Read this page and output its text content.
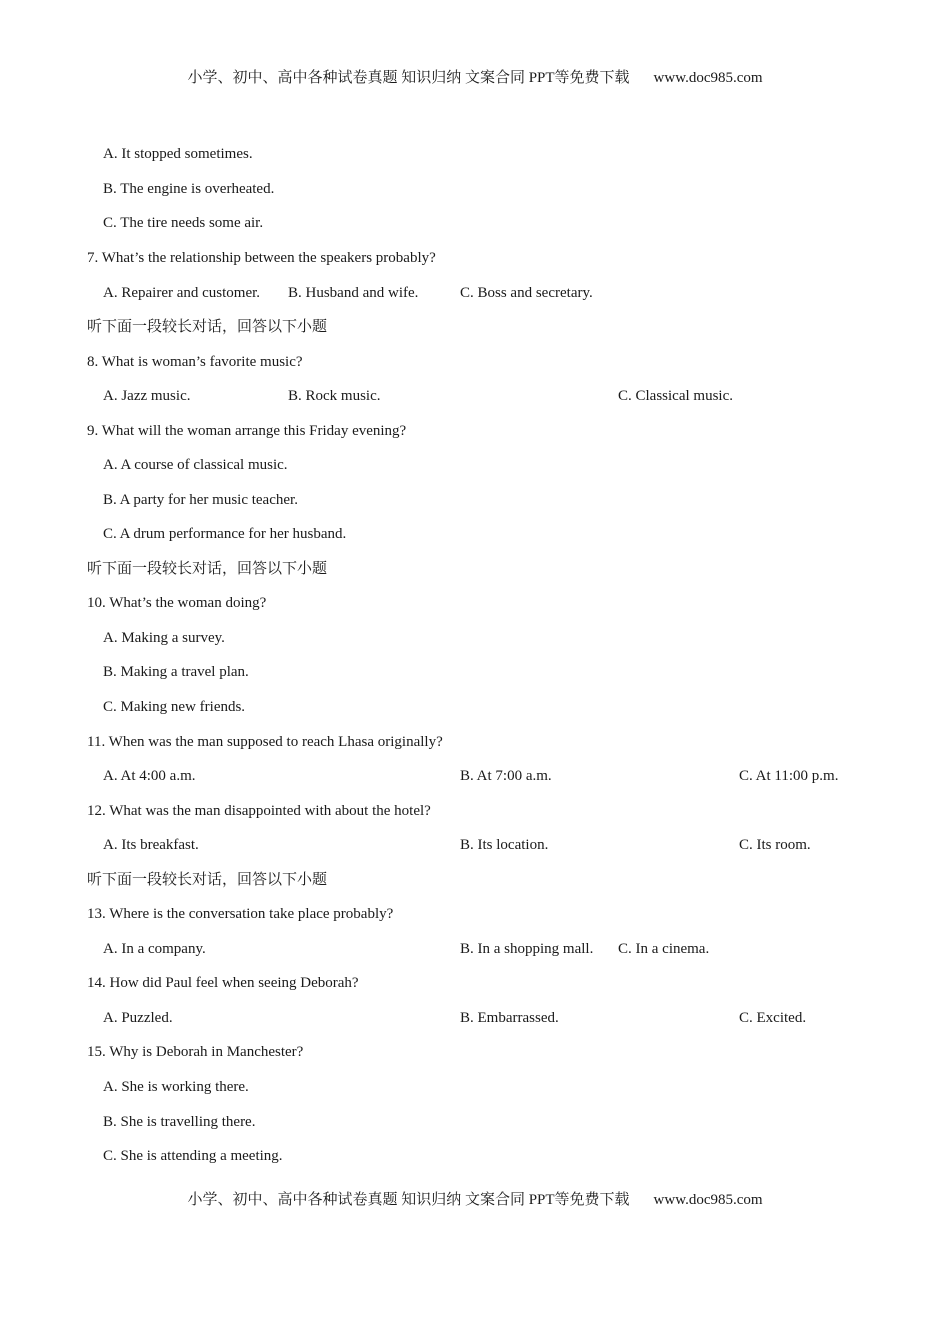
小学、初中、高中各种试卷真题 知识归纳 文案合同 PPT等免费下载 www.doc985.com
A. It stopped sometimes.
B. The engine is overheated.
C. The tire needs some air.
7. What’s the relationship between the speakers probably?
A. Repairer and customer. B. Husband and wife.	C. Boss and secretary.
听下面一段较长对话，回答以下小题
8. What is woman’s favorite music?
A. Jazz music.	B. Rock music.	C. Classical music.
9. What will the woman arrange this Friday evening?
A. A course of classical music.
B. A party for her music teacher.
C. A drum performance for her husband.
听下面一段较长对话，回答以下小题
10. What’s the woman doing?
A. Making a survey.
B. Making a travel plan.
C. Making new friends.
11. When was the man supposed to reach Lhasa originally?
A. At 4:00 a.m.	B. At 7:00 a.m.	C. At 11:00 p.m.
12. What was the man disappointed with about the hotel?
A. Its breakfast.	B. Its location.	C. Its room.
听下面一段较长对话，回答以下小题
13. Where is the conversation take place probably?
A. In a company.	B. In a shopping mall. C. In a cinema.
14. How did Paul feel when seeing Deborah?
A. Puzzled.	B. Embarrassed.	C. Excited.
15. Why is Deborah in Manchester?
A. She is working there.
B. She is travelling there.
C. She is attending a meeting.
小学、初中、高中各种试卷真题 知识归纳 文案合同 PPT等免费下载 www.doc985.com
